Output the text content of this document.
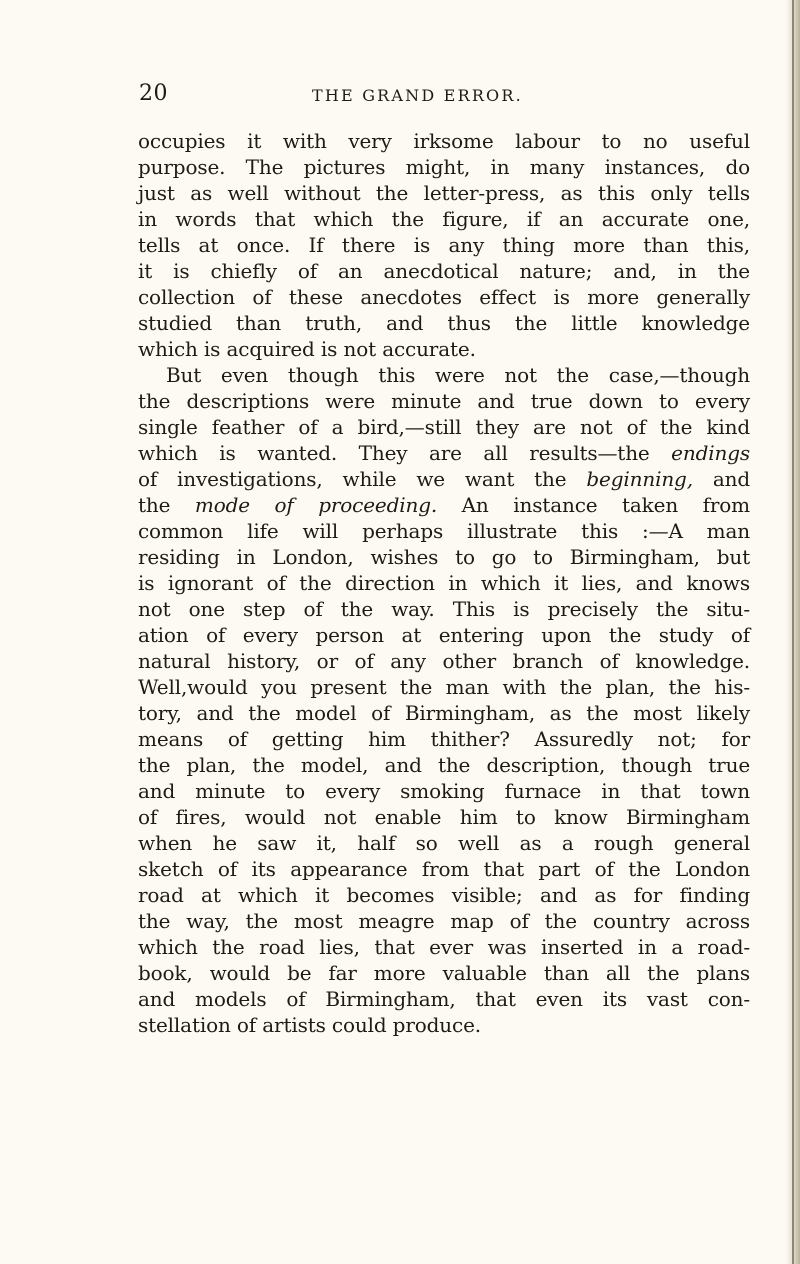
20	THE GRAND ERROR.
occupies it with very irksome labour to no useful
purpose. The pictures might, in many instances, do
just as well without the letter-press, as this only tells
in words that which the figure, if an accurate one,
tells at once. If there is any thing more than this,
it is chiefly of an anecdotical nature; and, in the
collection of these anecdotes effect is more generally
studied than truth, and thus the little knowledge
which is acquired is not accurate.
But even though this were not the case,—though
the descriptions were minute and true down to every
single feather of a bird,—still they are not of the kind
which is wanted. They are all results—the endings
of investigations, while we want the beginning, and
the mode of proceeding. An instance taken from
common life will perhaps illustrate this :—A man
residing in London, wishes to go to Birmingham, but
is ignorant of the direction in which it lies, and knows
not one step of the way. This is precisely the situ-
ation of every person at entering upon the study of
natural history, or of any other branch of knowledge.
Well,would you present the man with the plan, the his-
tory, and the model of Birmingham, as the most likely
means of getting him thither? Assuredly not; for
the plan, the model, and the description, though true
and minute to every smoking furnace in that town
of fires, would not enable him to know Birmingham
when he saw it, half so well as a rough general
sketch of its appearance from that part of the London
road at which it becomes visible; and as for finding
the way, the most meagre map of the country across
which the road lies, that ever was inserted in a road-
book, would be far more valuable than all the plans
and models of Birmingham, that even its vast con-
stellation of artists could produce.
